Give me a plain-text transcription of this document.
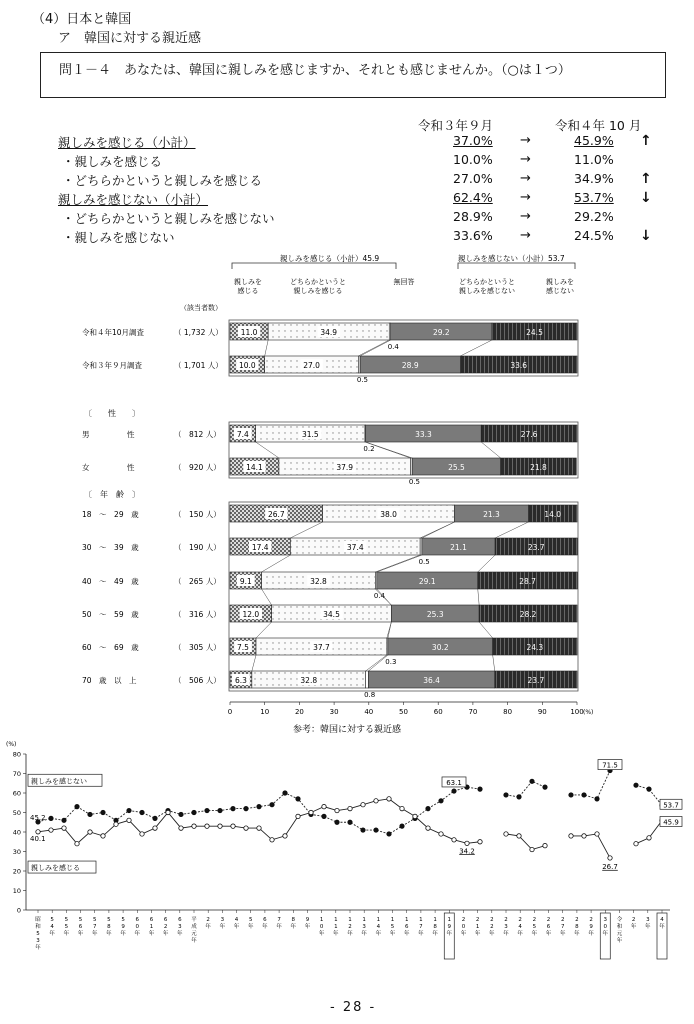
（4）日本と韓国
ア　韓国に対する親近感
問１－４　あなたは、韓国に親しみを感じますか、それとも感じませんか。（○は１つ）
令和３年９月	令和４年 10 月
親しみを感じる（小計）	37.0% →	45.9% ↑
・親しみを感じる	10.0% →	11.0%
・どちらかというと親しみを感じる	27.0% →	34.9% ↑
親しみを感じない（小計）	62.4% →	53.7% ↓
・どちらかというと親しみを感じない	28.9% →	29.2%
・親しみを感じない	33.6% →	24.5% ↓
親しみを感じる（小計）45.9	親しみを感じない（小計）53.7
親しみを
感じる
どちらかというと
親しみを感じる
無回答	どちらかというと
親しみを感じない
親しみを
感じない
（該当者数）
〔　　性　　〕
〔　年　齢　〕
令和４年10月調査	（ 1,732 人） 11.0	34.9	29.2	24.5
0.4
令和３年９月調査	（ 1,701 人） 10.0	27.0	28.9	33.6
0.5
男　　　　　性	（　812 人） 7.4	31.5	33.3	27.6
0.2
女　　　　　性	（　920 人）	14.1	37.9	25.5	21.8
0.5
18　～　29　歳	（　150 人）	26.7	38.0	21.3	14.0
30　～　39　歳	（　190 人）	17.4	37.4	21.1	23.7
0.5
40　～　49　歳	（　265 人）	9.1	32.8	29.1	28.7
0.4
50　～　59　歳	（　316 人）	12.0	34.5	25.3	28.2
60　～　69　歳	（　305 人） 7.5	37.7	30.2	24.3
0.3
70　歳　以　上	（　506 人） 6.3	32.8	36.4	23.7
0.8
0	10	20	30	40	50	60	70	80	90	100 (%)
参考：韓国に対する親近感
(%)
0
10
20
30
40
50
60
70
80
親しみを感じない
親しみを感じる
45.2
40.1
63.1
34.2
71.5
26.7
53.7
45.9
昭
和
5
3
年
5
4
年
5
5
年
5
6
年
5
7
年
5
8
年
5
9
年
6
0
年
6
1
年
6
2
年
6
3
年
平
成
元
年
2
年
3
年
4
年
5
年
6
年
7
年
8
年
9
年
1
0
年
1
1
年
1
2
年
1
3
年
1
4
年
1
5
年
1
6
年
1
7
年
1
8
年
1
9
年
2
0
年
2
1
年
2
2
年
2
3
年
2
4
年
2
5
年
2
6
年
2
7
年
2
8
年
2
9
年
3
0
年
令
和
元
年
2
年
3
年
4
年
- 28 -
